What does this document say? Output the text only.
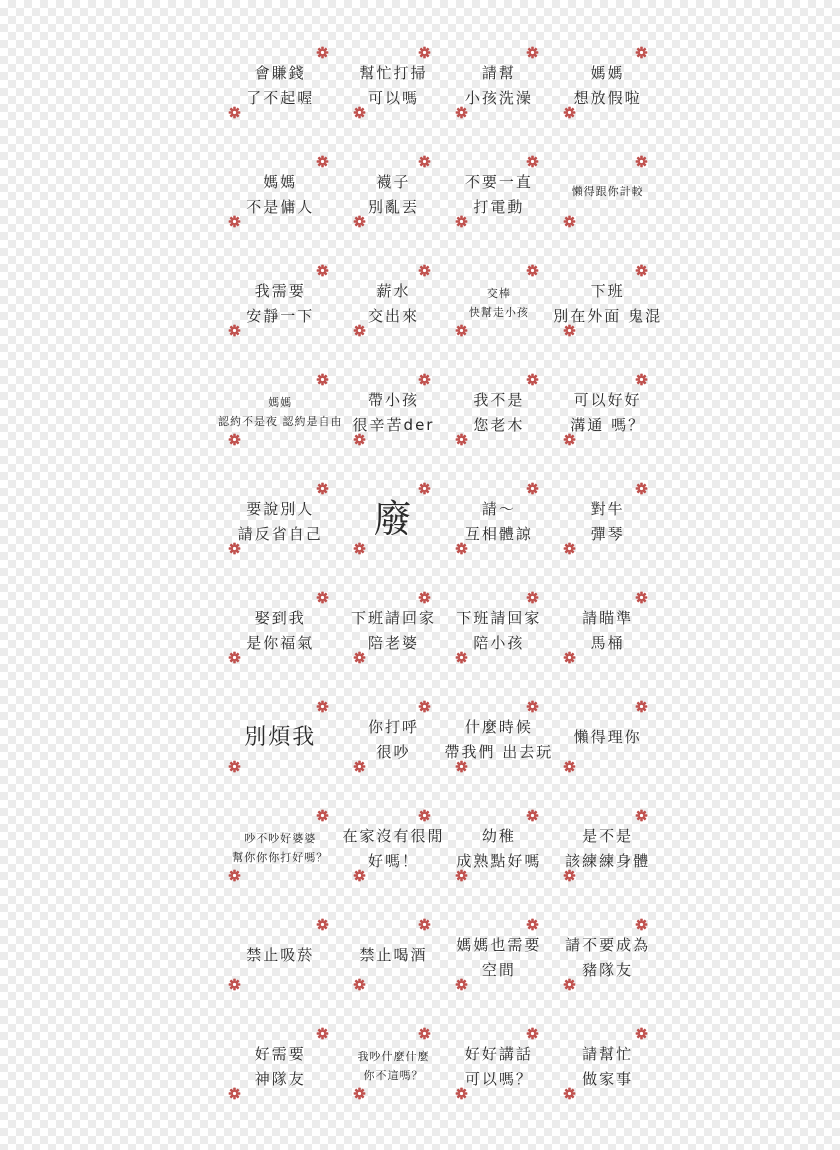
會賺錢
了不起喔
幫忙打掃
可以嗎
請幫
小孩洗澡
媽媽
想放假啦
媽媽
不是傭人
襪子
別亂丟
不要一直
打電動
懶得跟你計較
我需要
安靜一下
薪水
交出來
交棒
快幫走小孩
下班
別在外面 鬼混
媽媽
認約不是夜 認約是自由
帶小孩
很辛苦der
我不是
您老木
可以好好
溝通 嗎？
要說別人
請反省自己 廢	請～
互相體諒
對牛
彈琴
娶到我
是你福氣
下班請回家
陪老婆
下班請回家
陪小孩
請瞄準
馬桶
別煩我	你打呼
很吵
什麼時候
帶我們 出去玩
懶得理你
吵不吵好婆婆
幫你你你打好嗎？
在家沒有很閒
好嗎！
幼稚
成熟點好嗎
是不是
該練練身體
禁止吸菸	禁止喝酒
媽媽也需要
空間
請不要成為
豬隊友
好需要
神隊友
我吵什麼什麼
你不這嗎？
好好講話
可以嗎？
請幫忙
做家事
